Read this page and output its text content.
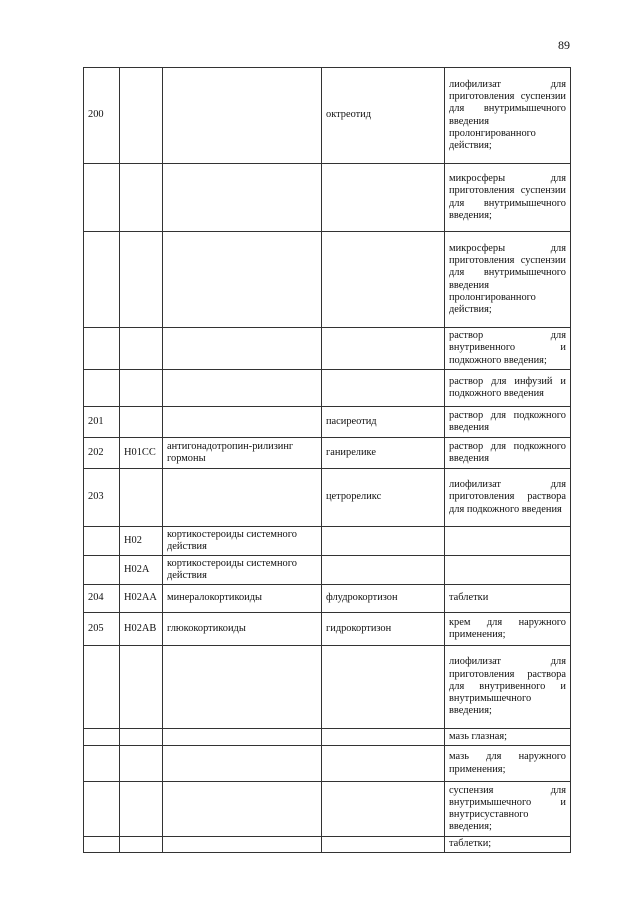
89
200			октреотид	лиофилизат для приготовления суспензии для внутримышечного введения пролонгированного действия;
				микросферы для приготовления суспензии для внутримышечного введения;
				микросферы для приготовления суспензии для внутримышечного введения пролонгированного действия;
				раствор для внутривенного и подкожного введения;
				раствор для инфузий и подкожного введения
201			пасиреотид	раствор для подкожного введения
202	H01CC	антигонадотропин-рилизинг гормоны	ганирелике	раствор для подкожного введения
203			цетрореликс	лиофилизат для приготовления раствора для подкожного введения
	H02	кортикостероиды системного действия		
	H02A	кортикостероиды системного действия		
204	H02AA	минералокортикоиды	флудрокортизон	таблетки
205	H02AB	глюкокортикоиды	гидрокортизон	крем для наружного применения;
				лиофилизат для приготовления раствора для внутривенного и внутримышечного введения;
				мазь глазная;
				мазь для наружного применения;
				суспензия для внутримышечного и внутрисуставного введения;
				таблетки;
